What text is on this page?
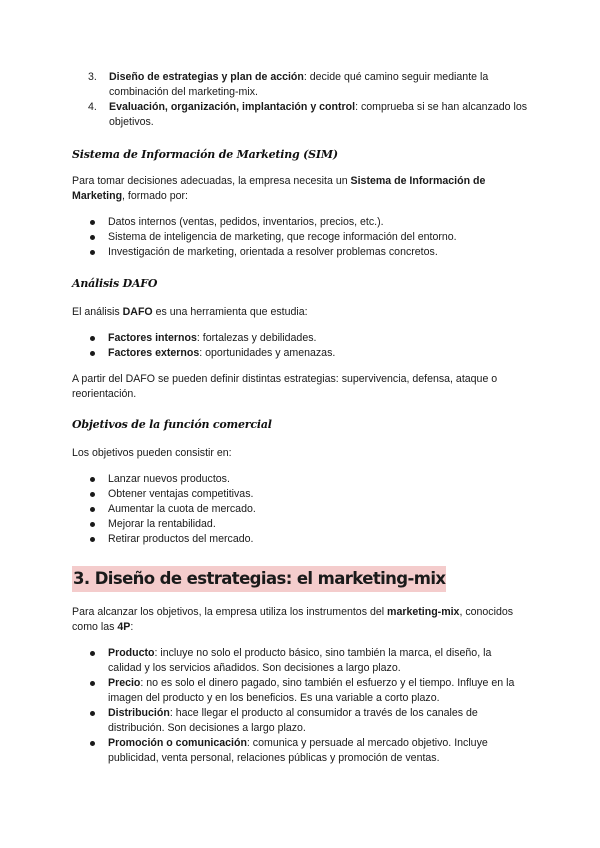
3. Diseño de estrategias y plan de acción: decide qué camino seguir mediante la combinación del marketing-mix.
4. Evaluación, organización, implantación y control: comprueba si se han alcanzado los objetivos.
Sistema de Información de Marketing (SIM)

Para tomar decisiones adecuadas, la empresa necesita un Sistema de Información de Marketing, formado por:

Datos internos (ventas, pedidos, inventarios, precios, etc.).
Sistema de inteligencia de marketing, que recoge información del entorno.
Investigación de marketing, orientada a resolver problemas concretos.
Análisis DAFO

El análisis DAFO es una herramienta que estudia:

Factores internos: fortalezas y debilidades.
Factores externos: oportunidades y amenazas.

A partir del DAFO se pueden definir distintas estrategias: supervivencia, defensa, ataque o reorientación.

Objetivos de la función comercial

Los objetivos pueden consistir en:

Lanzar nuevos productos.
Obtener ventajas competitivas.
Aumentar la cuota de mercado.
Mejorar la rentabilidad.
Retirar productos del mercado.
3. Diseño de estrategias: el marketing-mix

Para alcanzar los objetivos, la empresa utiliza los instrumentos del marketing-mix, conocidos como las 4P:

Producto: incluye no solo el producto básico, sino también la marca, el diseño, la calidad y los servicios añadidos. Son decisiones a largo plazo.
Precio: no es solo el dinero pagado, sino también el esfuerzo y el tiempo. Influye en la imagen del producto y en los beneficios. Es una variable a corto plazo.
Distribución: hace llegar el producto al consumidor a través de los canales de distribución. Son decisiones a largo plazo.
Promoción o comunicación: comunica y persuade al mercado objetivo. Incluye publicidad, venta personal, relaciones públicas y promoción de ventas.
